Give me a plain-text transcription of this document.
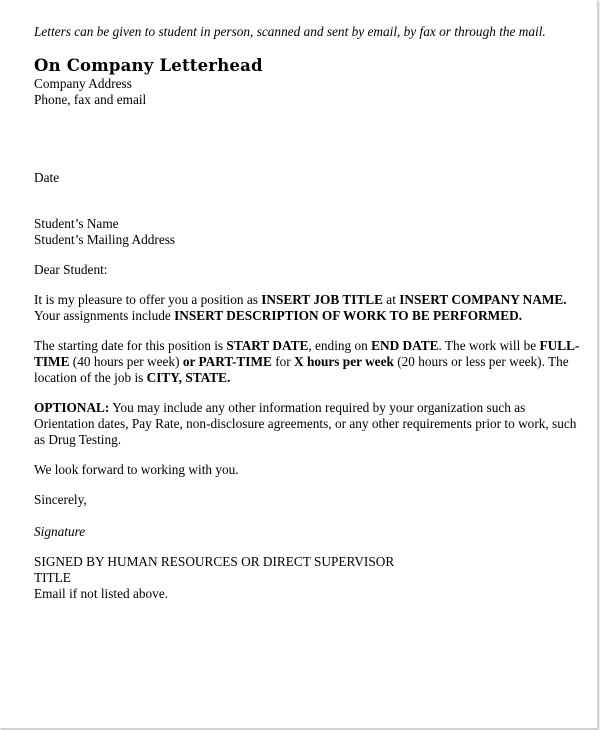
Letters can be given to student in person, scanned and sent by email, by fax or through the mail.

On Company Letterhead

Company Address

Phone, fax and email

Date

Student’s Name

Student’s Mailing Address

Dear Student:

It is my pleasure to offer you a position as INSERT JOB TITLE at INSERT COMPANY NAME. Your assignments include INSERT DESCRIPTION OF WORK TO BE PERFORMED.

The starting date for this position is START DATE, ending on END DATE. The work will be FULL-TIME (40 hours per week) or PART-TIME for X hours per week (20 hours or less per week). The location of the job is CITY, STATE.

OPTIONAL: You may include any other information required by your organization such as Orientation dates, Pay Rate, non-disclosure agreements, or any other requirements prior to work, such as Drug Testing.

We look forward to working with you.

Sincerely,

Signature

SIGNED BY HUMAN RESOURCES OR DIRECT SUPERVISOR

TITLE

Email if not listed above.
